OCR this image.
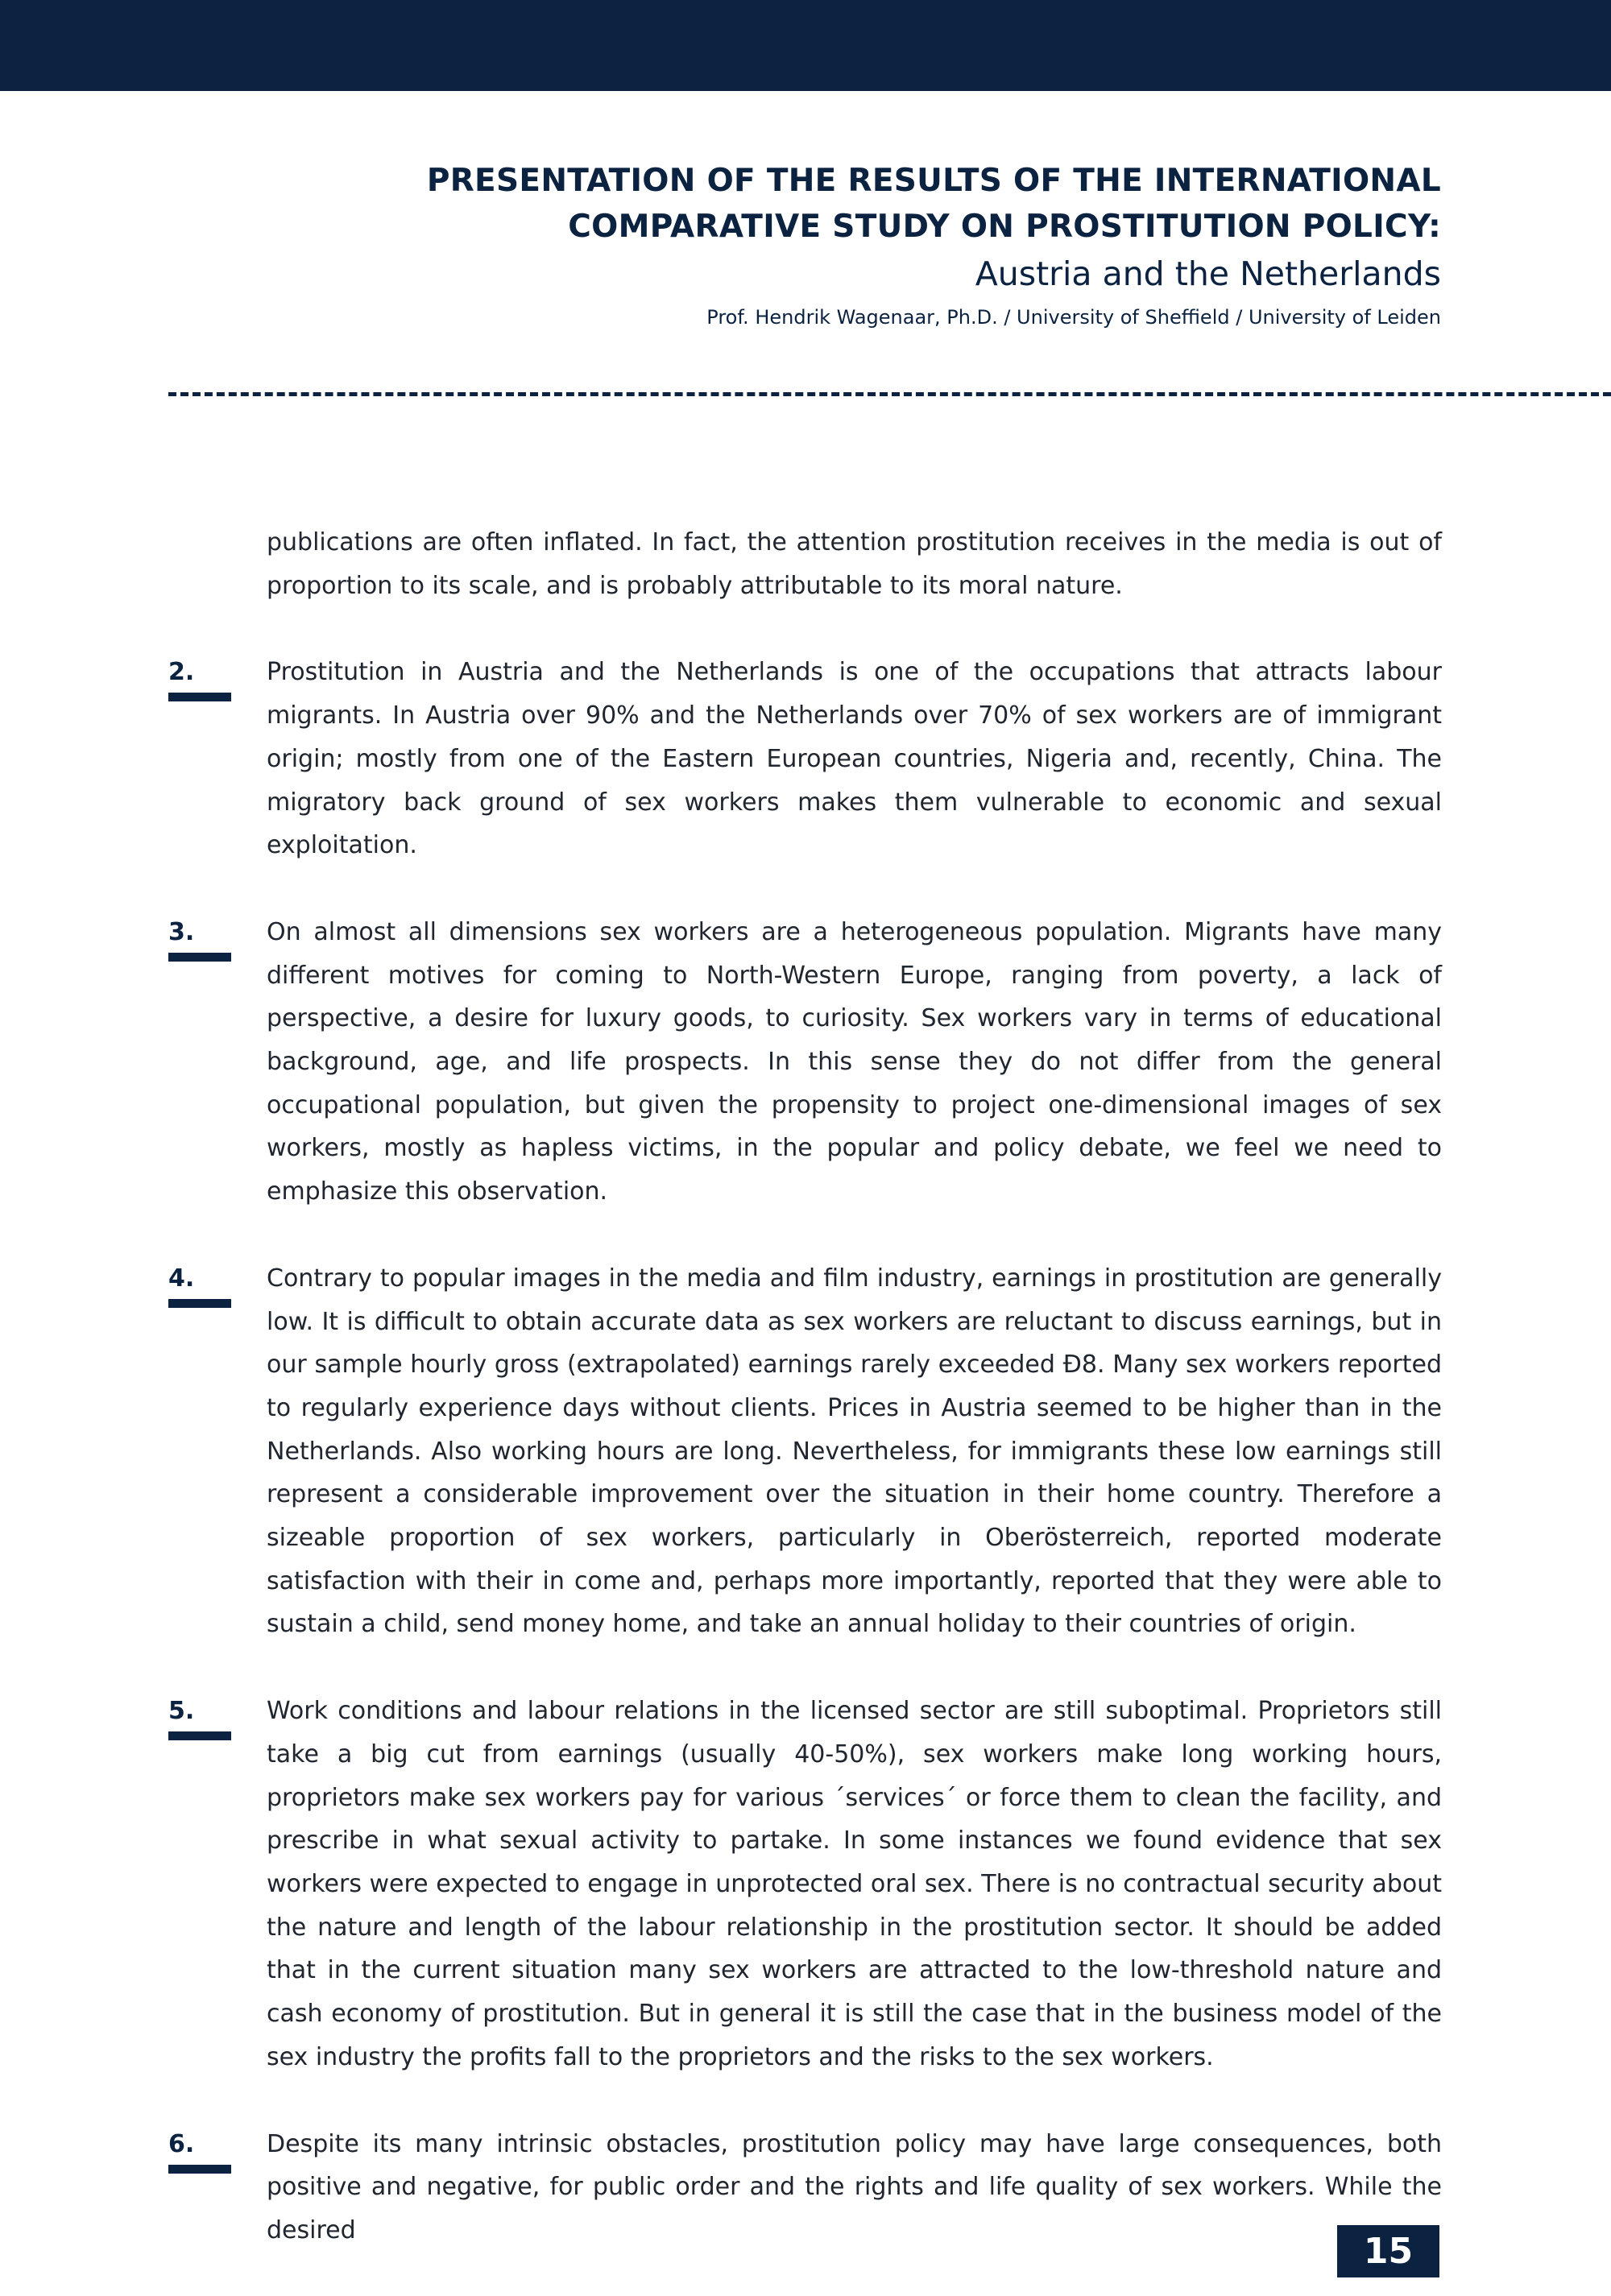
PRESENTATION OF THE RESULTS OF THE INTERNATIONAL
COMPARATIVE STUDY ON PROSTITUTION POLICY:
Austria and the Netherlands
Prof. Hendrik Wagenaar, Ph.D. / University of Sheffield / University of Leiden
publications are often inflated. In fact, the attention prostitution receives in the media is out of proportion to its scale, and is probably attributable to its moral nature.
2.	Prostitution in Austria and the Netherlands is one of the occupations that attracts labour migrants. In Austria over 90% and the Netherlands over 70% of sex workers are of immigrant origin; mostly from one of the Eastern European countries, Nigeria and, recently, China. The migratory back ground of sex workers makes them vulnerable to economic and sexual exploitation.
3.	On almost all dimensions sex workers are a heterogeneous population. Migrants have many different motives for coming to North-Western Europe, ranging from poverty, a lack of perspective, a desire for luxury goods, to curiosity. Sex workers vary in terms of educational background, age, and life prospects. In this sense they do not differ from the general occupational population, but given the propensity to project one-dimensional images of sex workers, mostly as hapless victims, in the popular and policy debate, we feel we need to emphasize this observation.
4.	Contrary to popular images in the media and film industry, earnings in prostitution are generally low. It is difficult to obtain accurate data as sex workers are reluctant to discuss earnings, but in our sample hourly gross (extrapolated) earnings rarely exceeded Đ8. Many sex workers reported to regularly experience days without clients. Prices in Austria seemed to be higher than in the Netherlands. Also working hours are long. Nevertheless, for immigrants these low earnings still represent a considerable improvement over the situation in their home country. Therefore a sizeable proportion of sex workers, particularly in Oberösterreich, reported moderate satisfaction with their in come and, perhaps more importantly, reported that they were able to sustain a child, send money home, and take an annual holiday to their countries of origin.
5.	Work conditions and labour relations in the licensed sector are still suboptimal. Proprietors still take a big cut from earnings (usually 40-50%), sex workers make long working hours, proprietors make sex workers pay for various ´services´ or force them to clean the facility, and prescribe in what sexual activity to partake. In some instances we found evidence that sex workers were expected to engage in unprotected oral sex. There is no contractual security about the nature and length of the labour relationship in the prostitution sector. It should be added that in the current situation many sex workers are attracted to the low-threshold nature and cash economy of prostitution. But in general it is still the case that in the business model of the sex industry the profits fall to the proprietors and the risks to the sex workers.
6.	Despite its many intrinsic obstacles, prostitution policy may have large consequences, both positive and negative, for public order and the rights and life quality of sex workers. While the desired
15
